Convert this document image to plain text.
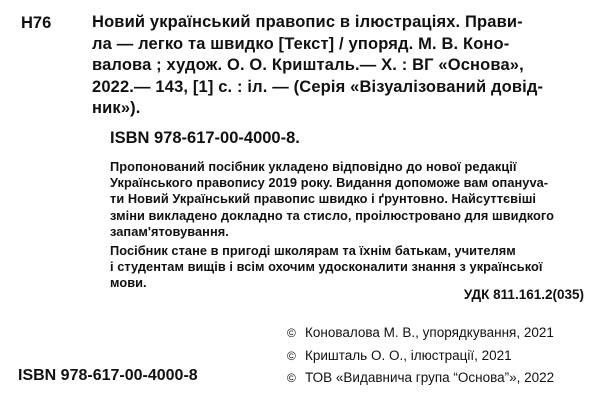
Н76	Новий український правопис в ілюстраціях. Прави-
ла — легко та швидко [Текст] / упоряд. М. В. Коно-
валова ; худож. О. О. Кришталь.— Х. : ВГ «Основа»,
2022.— 143, [1] с. : іл. — (Серія «Візуалізований довід-
ник»).
ISBN 978-617-00-4000-8.
Пропонований посібник укладено відповідно до нової редакції
Українського правопису 2019 року. Видання допоможе вам опануva-
ти Новий Український правопис швидко і ґрунтовно. Найсуттєвіші
зміни викладено докладно та стисло, проілюстровано для швидкого
запам'ятовування.
Посібник стане в пригоді школярам та їхнім батькам, учителям
і студентам вищів і всім охочим удосконалити знання з української
мови.
УДК 811.161.2(035)
ISBN 978-617-00-4000-8
© Коновалова М. В., упорядкування, 2021
© Кришталь О. О., ілюстрації, 2021
© ТОВ «Видавнича група “Основа”», 2022
